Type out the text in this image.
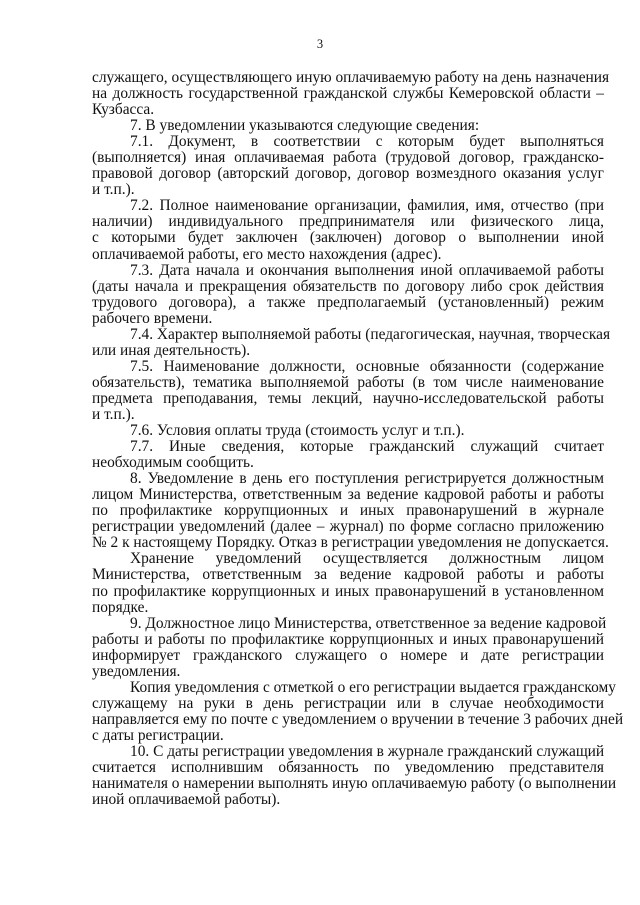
3
служащего, осуществляющего иную оплачиваемую работу на день назначения
на должность государственной гражданской службы Кемеровской области –
Кузбасса.
7. В уведомлении указываются следующие сведения:
7.1. Документ, в соответствии с которым будет выполняться
(выполняется) иная оплачиваемая работа (трудовой договор, гражданско-
правовой договор (авторский договор, договор возмездного оказания услуг
и т.п.).
7.2. Полное наименование организации, фамилия, имя, отчество (при
наличии) индивидуального предпринимателя или физического лица,
с которыми будет заключен (заключен) договор о выполнении иной
оплачиваемой работы, его место нахождения (адрес).
7.3. Дата начала и окончания выполнения иной оплачиваемой работы
(даты начала и прекращения обязательств по договору либо срок действия
трудового договора), а также предполагаемый (установленный) режим
рабочего времени.
7.4. Характер выполняемой работы (педагогическая, научная, творческая
или иная деятельность).
7.5. Наименование должности, основные обязанности (содержание
обязательств), тематика выполняемой работы (в том числе наименование
предмета преподавания, темы лекций, научно-исследовательской работы
и т.п.).
7.6. Условия оплаты труда (стоимость услуг и т.п.).
7.7. Иные сведения, которые гражданский служащий считает
необходимым сообщить.
8. Уведомление в день его поступления регистрируется должностным
лицом Министерства, ответственным за ведение кадровой работы и работы
по профилактике коррупционных и иных правонарушений в журнале
регистрации уведомлений (далее – журнал) по форме согласно приложению
№ 2 к настоящему Порядку. Отказ в регистрации уведомления не допускается.
Хранение уведомлений осуществляется должностным лицом
Министерства, ответственным за ведение кадровой работы и работы
по профилактике коррупционных и иных правонарушений в установленном
порядке.
9. Должностное лицо Министерства, ответственное за ведение кадровой
работы и работы по профилактике коррупционных и иных правонарушений
информирует гражданского служащего о номере и дате регистрации
уведомления.
Копия уведомления с отметкой о его регистрации выдается гражданскому
служащему на руки в день регистрации или в случае необходимости
направляется ему по почте с уведомлением о вручении в течение 3 рабочих дней
с даты регистрации.
10. С даты регистрации уведомления в журнале гражданский служащий
считается исполнившим обязанность по уведомлению представителя
нанимателя о намерении выполнять иную оплачиваемую работу (о выполнении
иной оплачиваемой работы).
